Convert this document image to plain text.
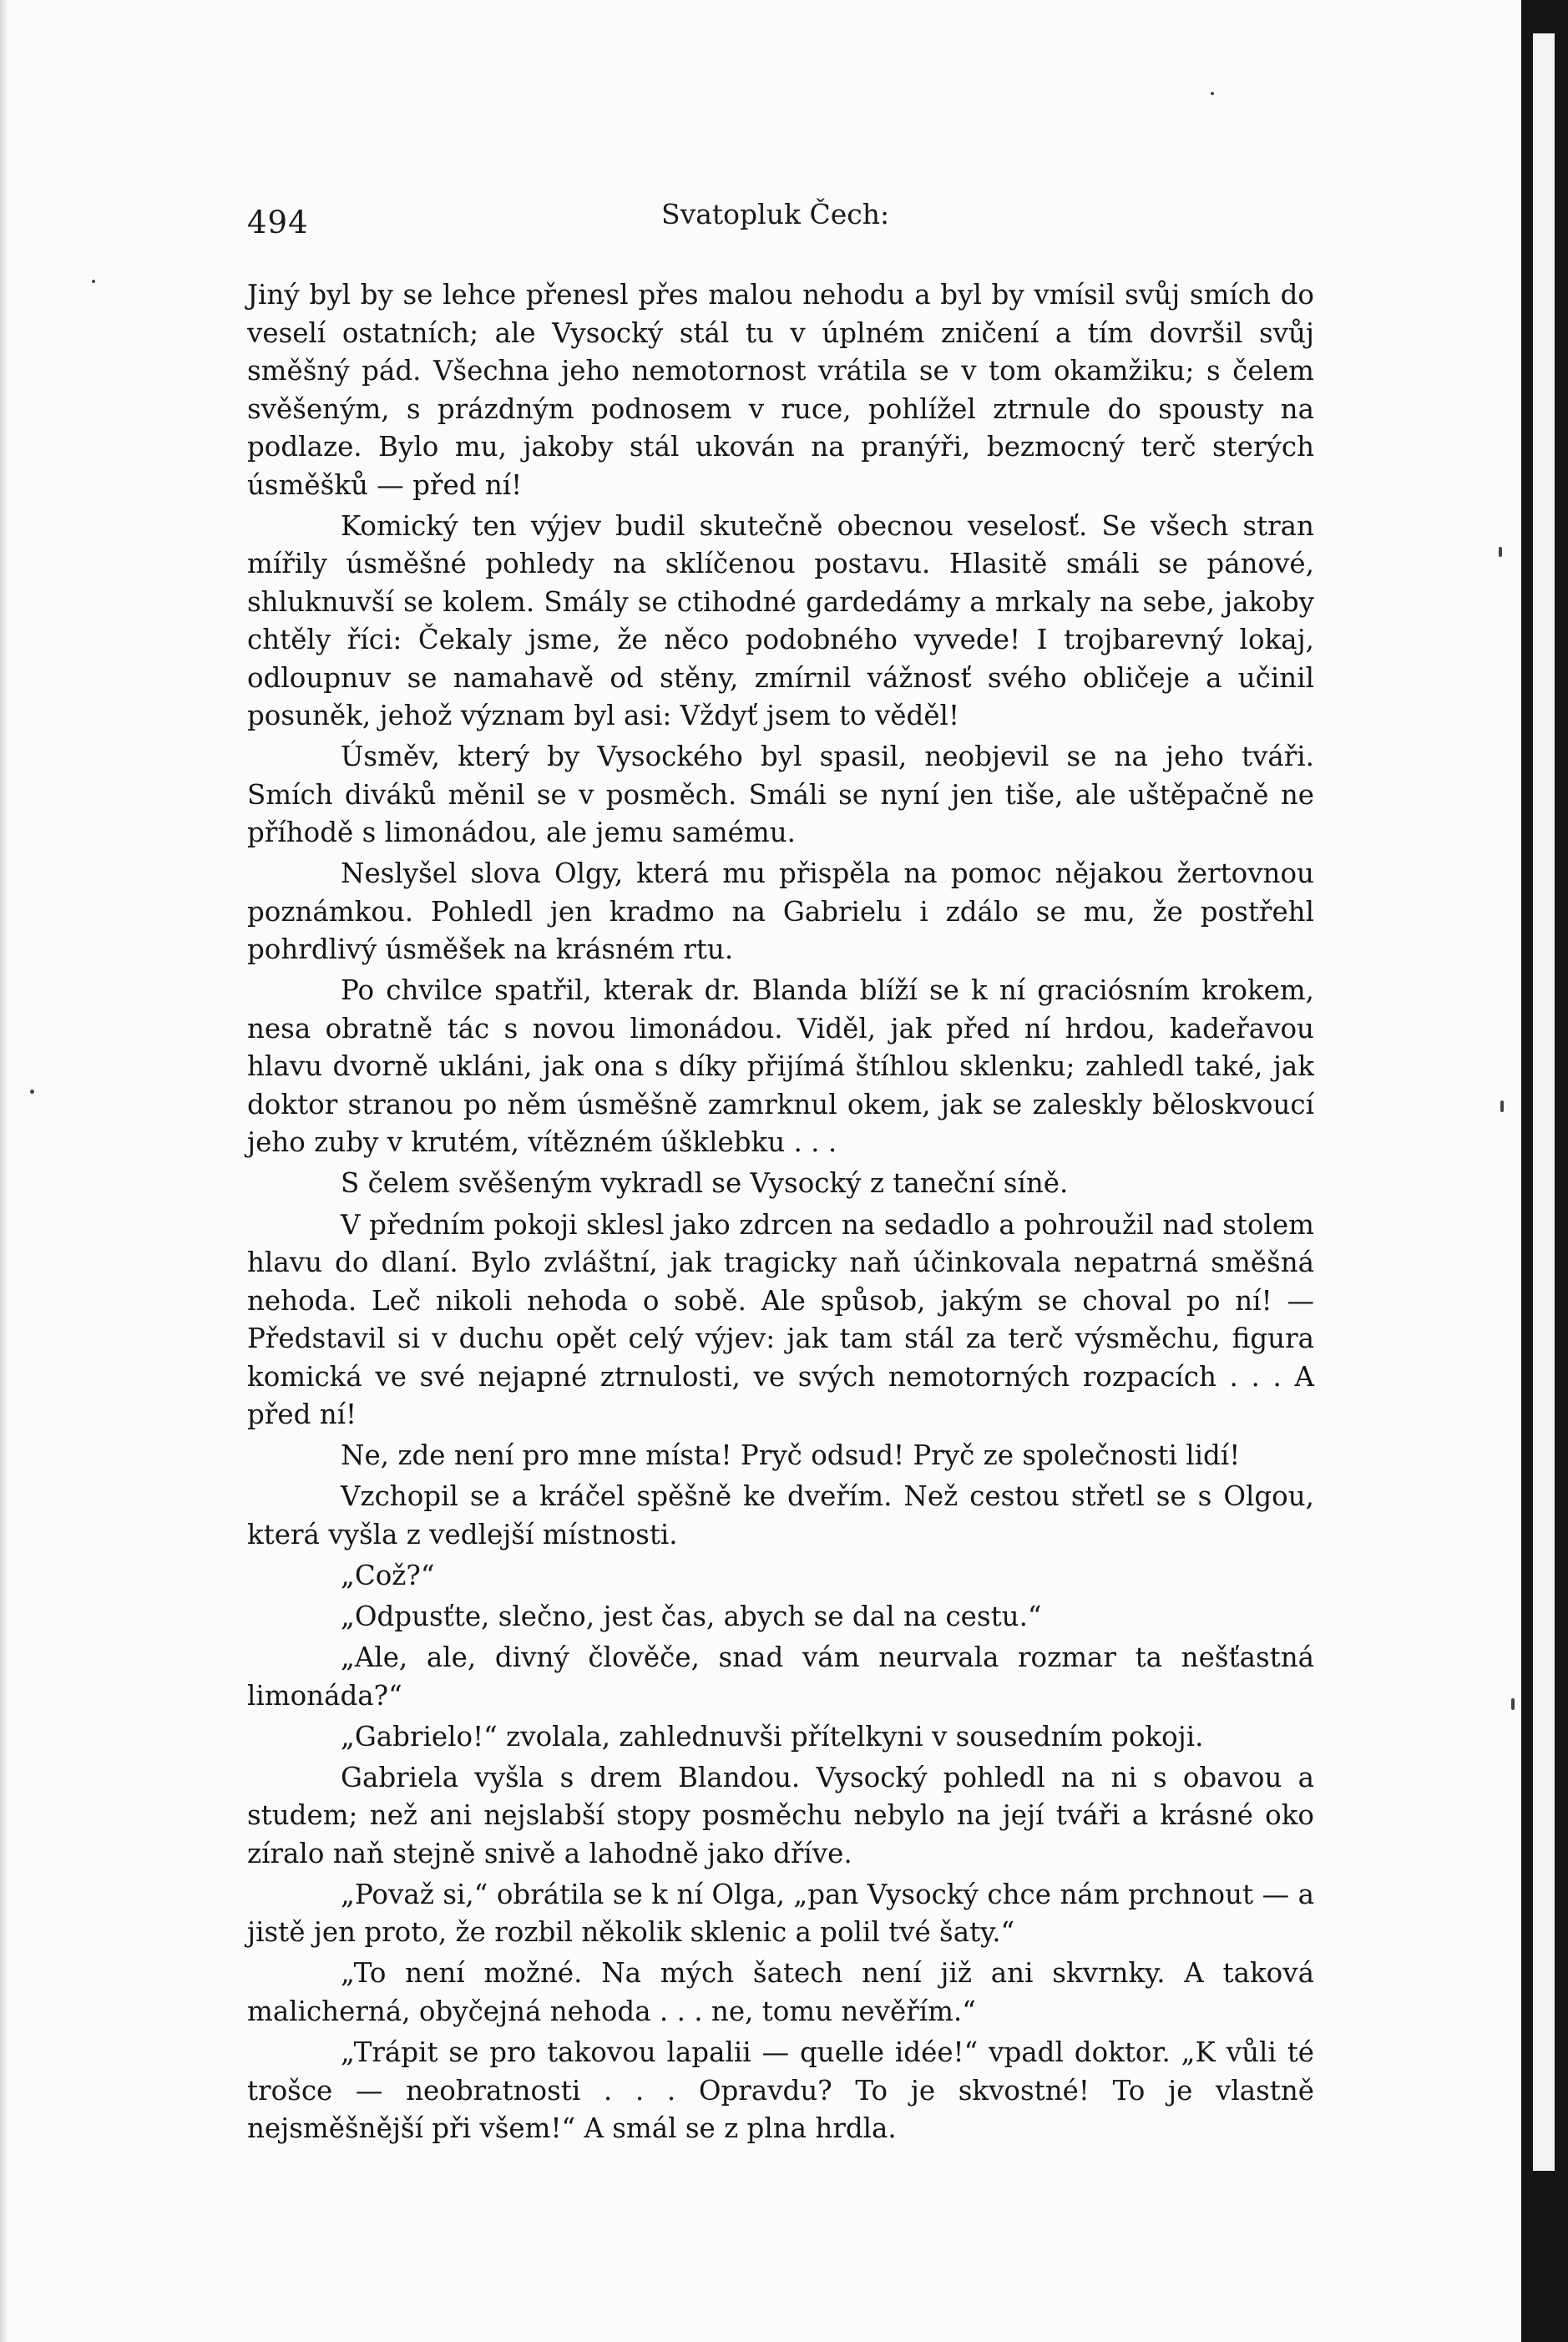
494	Svatopluk Čech:

Jiný byl by se lehce přenesl přes malou nehodu a byl by vmísil svůj smích do veselí ostatních; ale Vysocký stál tu v úplném zničení a tím dovršil svůj směšný pád. Všechna jeho nemotornost vrátila se v tom okamžiku; s čelem svěšeným, s prázdným podnosem v ruce, pohlížel ztrnule do spousty na podlaze. Bylo mu, jakoby stál ukován na pranýři, bezmocný terč sterých úsměšků — před ní!

Komický ten výjev budil skutečně obecnou veselosť. Se všech stran mířily úsměšné pohledy na sklíčenou postavu. Hlasitě smáli se pánové, shluknuvší se kolem. Smály se ctihodné gardedámy a mrkaly na sebe, jakoby chtěly říci: Čekaly jsme, že něco podobného vyvede! I trojbarevný lokaj, odloupnuv se namahavě od stěny, zmírnil vážnosť svého obličeje a učinil posuněk, jehož význam byl asi: Vždyť jsem to věděl!

Úsměv, který by Vysockého byl spasil, neobjevil se na jeho tváři. Smích diváků měnil se v posměch. Smáli se nyní jen tiše, ale uštěpačně ne příhodě s limonádou, ale jemu samému.

Neslyšel slova Olgy, která mu přispěla na pomoc nějakou žertovnou poznámkou. Pohledl jen kradmo na Gabrielu i zdálo se mu, že postřehl pohrdlivý úsměšek na krásném rtu.

Po chvilce spatřil, kterak dr. Blanda blíží se k ní graciósním krokem, nesa obratně tác s novou limonádou. Viděl, jak před ní hrdou, kadeřavou hlavu dvorně ukláni, jak ona s díky přijímá štíhlou sklenku; zahledl také, jak doktor stranou po něm úsměšně zamrknul okem, jak se zaleskly běloskvoucí jeho zuby v krutém, vítězném úšklebku . . .

S čelem svěšeným vykradl se Vysocký z taneční síně.

V předním pokoji sklesl jako zdrcen na sedadlo a pohroužil nad stolem hlavu do dlaní. Bylo zvláštní, jak tragicky naň účinkovala nepatrná směšná nehoda. Leč nikoli nehoda o sobě. Ale spůsob, jakým se choval po ní! — Představil si v duchu opět celý výjev: jak tam stál za terč výsměchu, figura komická ve své nejapné ztrnulosti, ve svých nemotorných rozpacích . . . A před ní!

Ne, zde není pro mne místa! Pryč odsud! Pryč ze společnosti lidí!

Vzchopil se a kráčel spěšně ke dveřím. Než cestou střetl se s Olgou, která vyšla z vedlejší místnosti.

„Což?“

„Odpusťte, slečno, jest čas, abych se dal na cestu.“

„Ale, ale, divný člověče, snad vám neurvala rozmar ta nešťastná limonáda?“

„Gabrielo!“ zvolala, zahlednuvši přítelkyni v sousedním pokoji.

Gabriela vyšla s drem Blandou. Vysocký pohledl na ni s obavou a studem; než ani nejslabší stopy posměchu nebylo na její tváři a krásné oko zíralo naň stejně snivě a lahodně jako dříve.

„Považ si,“ obrátila se k ní Olga, „pan Vysocký chce nám prchnout — a jistě jen proto, že rozbil několik sklenic a polil tvé šaty.“

„To není možné. Na mých šatech není již ani skvrnky. A taková malicherná, obyčejná nehoda . . . ne, tomu nevěřím.“

„Trápit se pro takovou lapalii — quelle idée!“ vpadl doktor. „K vůli té trošce — neobratnosti . . . Opravdu? To je skvostné! To je vlastně nejsměšnější při všem!“ A smál se z plna hrdla.
